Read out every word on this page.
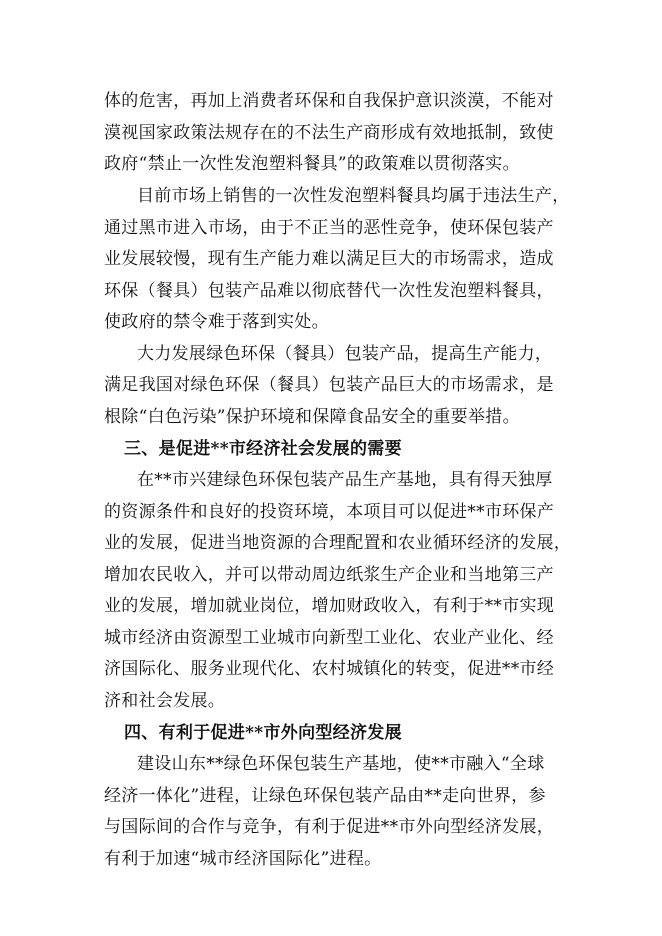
体的危害，再加上消费者环保和自我保护意识淡漠，不能对
漠视国家政策法规存在的不法生产商形成有效地抵制，致使
政府“禁止一次性发泡塑料餐具”的政策难以贯彻落实。
目前市场上销售的一次性发泡塑料餐具均属于违法生产，
通过黑市进入市场，由于不正当的恶性竞争，使环保包装产
业发展较慢，现有生产能力难以满足巨大的市场需求，造成
环保（餐具）包装产品难以彻底替代一次性发泡塑料餐具，
使政府的禁令难于落到实处。
大力发展绿色环保（餐具）包装产品，提高生产能力，
满足我国对绿色环保（餐具）包装产品巨大的市场需求，是
根除“白色污染”保护环境和保障食品安全的重要举措。
三、是促进**市经济社会发展的需要
在**市兴建绿色环保包装产品生产基地，具有得天独厚
的资源条件和良好的投资环境，本项目可以促进**市环保产
业的发展，促进当地资源的合理配置和农业循环经济的发展，
增加农民收入，并可以带动周边纸浆生产企业和当地第三产
业的发展，增加就业岗位，增加财政收入，有利于**市实现
城市经济由资源型工业城市向新型工业化、农业产业化、经
济国际化、服务业现代化、农村城镇化的转变，促进**市经
济和社会发展。
四、有利于促进**市外向型经济发展
建设山东**绿色环保包装生产基地，使**市融入“全球
经济一体化”进程，让绿色环保包装产品由**走向世界，参
与国际间的合作与竞争，有利于促进**市外向型经济发展，
有利于加速“城市经济国际化”进程。
